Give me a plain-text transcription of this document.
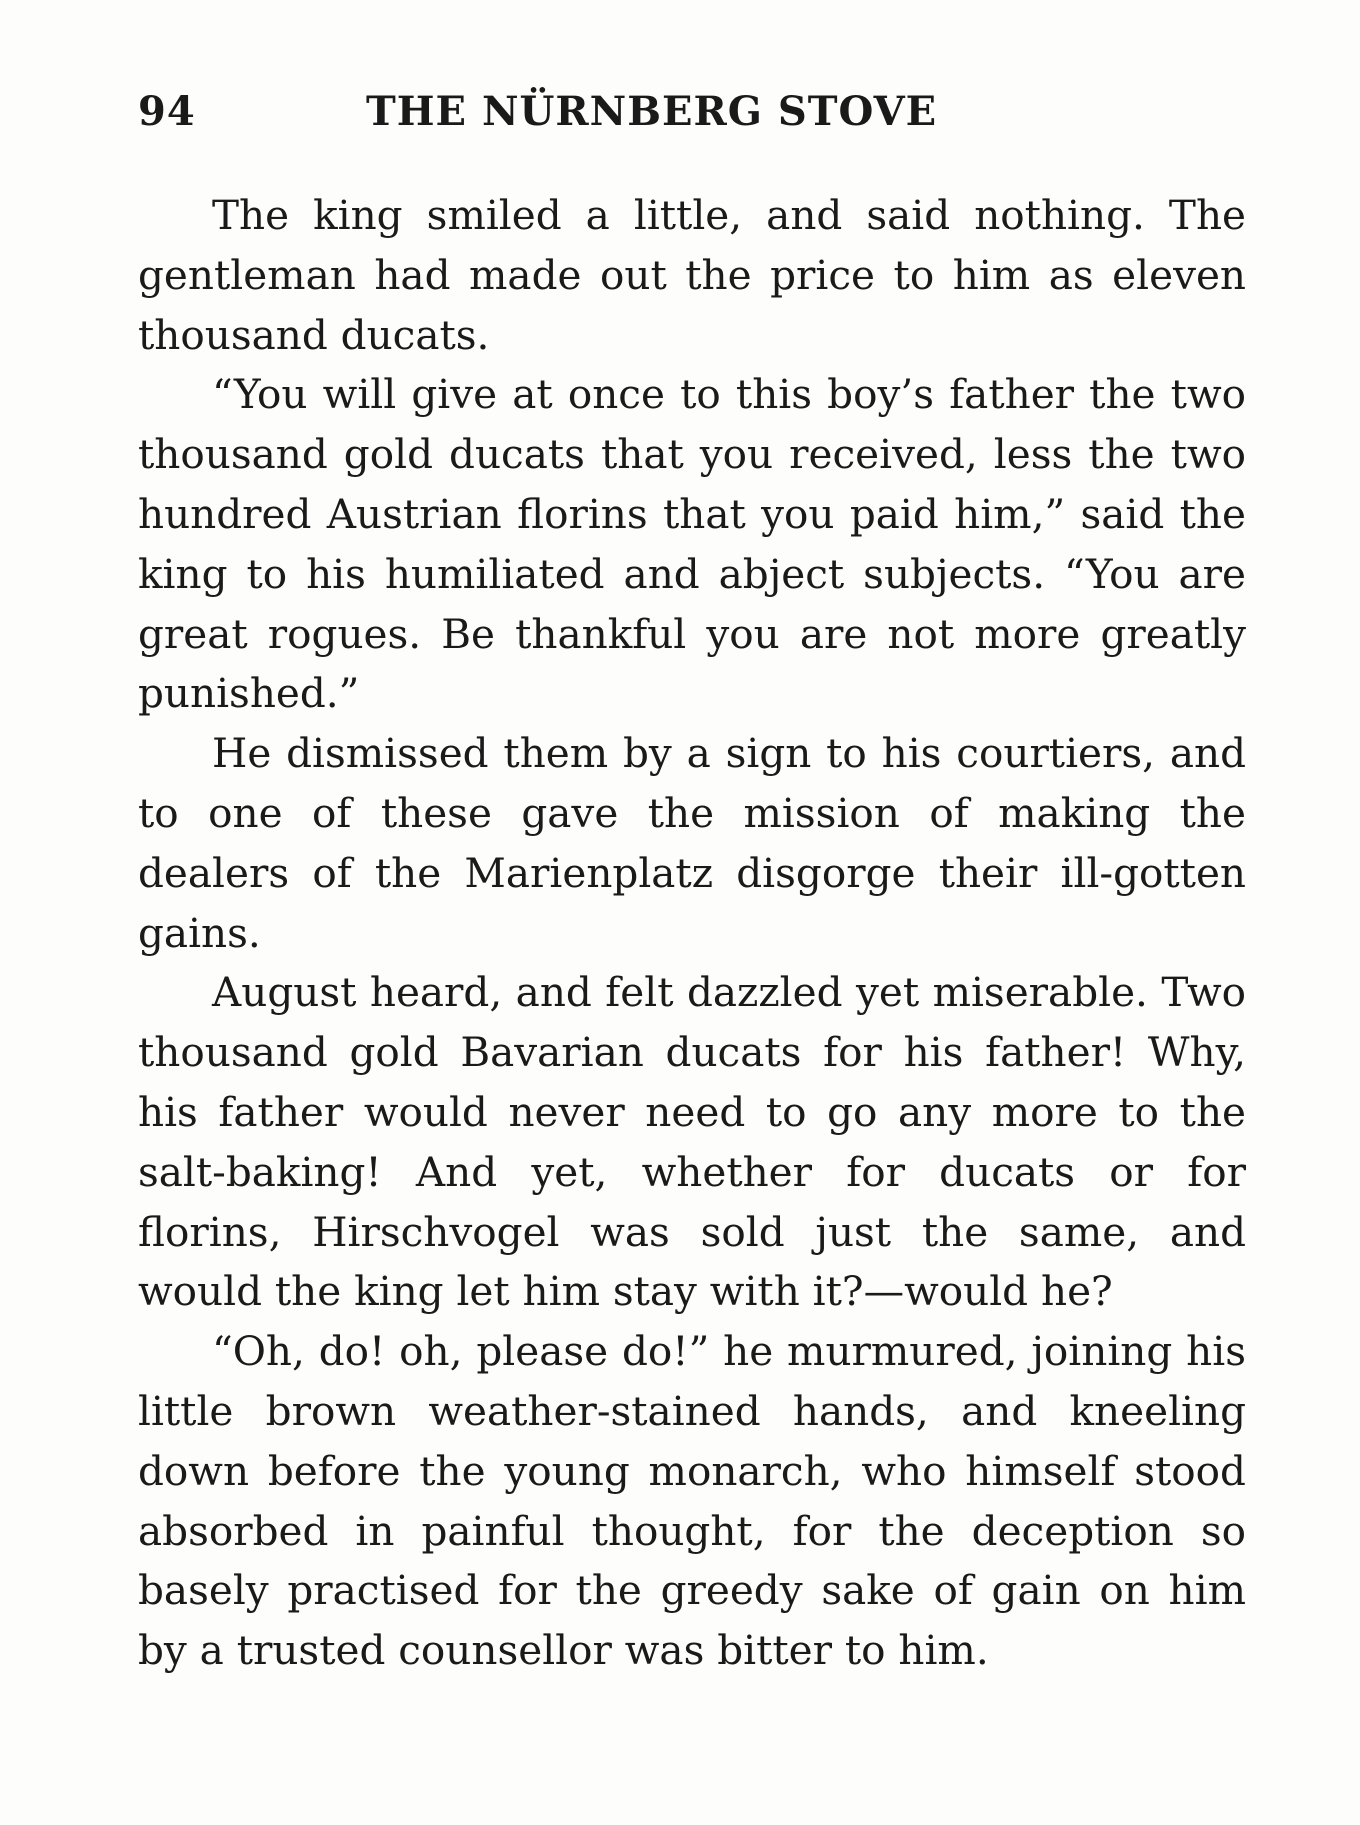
94	THE NÜRNBERG STOVE

The king smiled a little, and said nothing. The gentleman had made out the price to him as eleven thousand ducats.

“You will give at once to this boy’s father the two thousand gold ducats that you received, less the two hundred Austrian florins that you paid him,” said the king to his humiliated and abject subjects. “You are great rogues. Be thankful you are not more greatly punished.”

He dismissed them by a sign to his courtiers, and to one of these gave the mission of making the dealers of the Marienplatz disgorge their ill-gotten gains.

August heard, and felt dazzled yet miserable. Two thousand gold Bavarian ducats for his father! Why, his father would never need to go any more to the salt-baking! And yet, whether for ducats or for florins, Hirschvogel was sold just the same, and would the king let him stay with it?—would he?

“Oh, do! oh, please do!” he murmured, joining his little brown weather-stained hands, and kneeling down before the young monarch, who himself stood absorbed in painful thought, for the deception so basely practised for the greedy sake of gain on him by a trusted counsellor was bitter to him.
